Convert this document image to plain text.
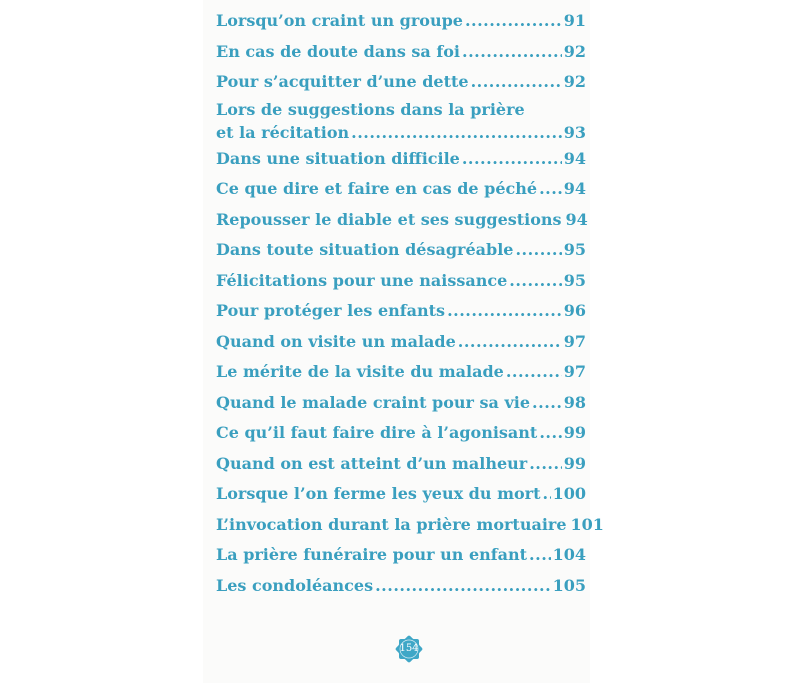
Lorsqu’on craint un groupe .....	91
En cas de doute dans sa foi .....	92
Pour s’acquitter d’une dette .....	92
Lors de suggestions dans la prière
et la récitation .....	93
Dans une situation difficile .....	94
Ce que dire et faire en cas de péché ..... 94
Repousser le diable et ses suggestions 94
Dans toute situation désagréable .....	95
Félicitations pour une naissance .....	95
Pour protéger les enfants .....	96
Quand on visite un malade .....	97
Le mérite de la visite du malade .....	97
Quand le malade craint pour sa vie ..... 98
Ce qu’il faut faire dire à l’agonisant ..... 99
Quand on est atteint d’un malheur ..... 99
Lorsque l’on ferme les yeux du mort ..... 100
L’invocation durant la prière mortuaire 101
La prière funéraire pour un enfant ..... 104
Les condoléances .....	105
154
